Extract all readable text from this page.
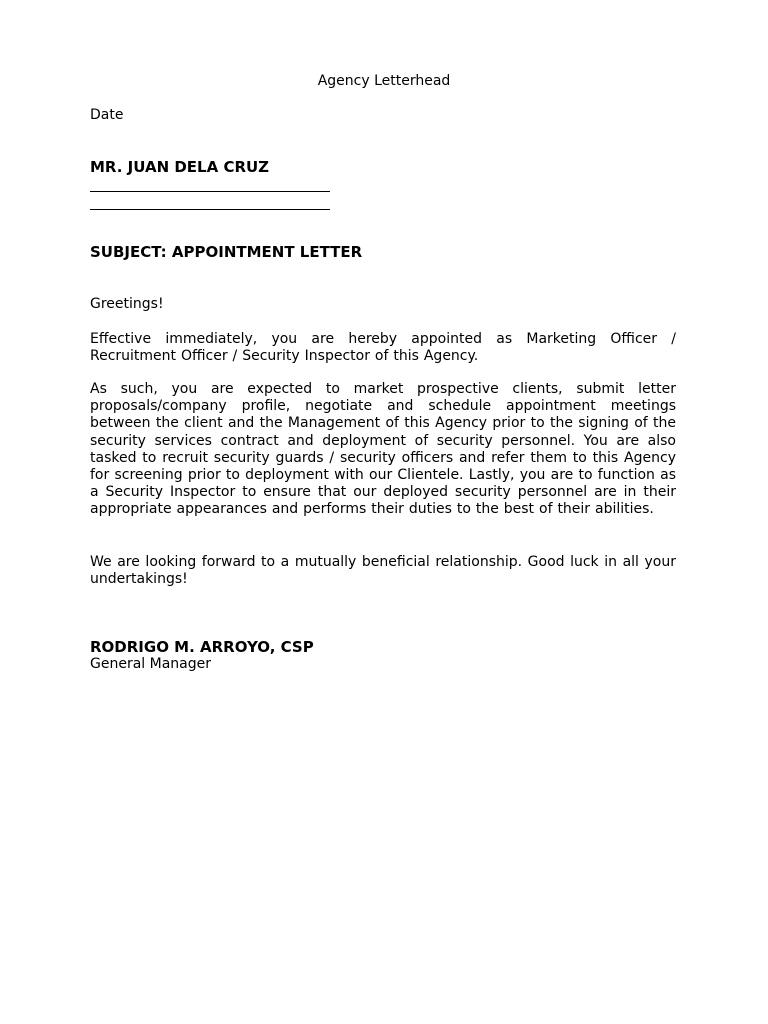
Agency Letterhead
Date
MR. JUAN DELA CRUZ
SUBJECT: APPOINTMENT LETTER
Greetings!
Effective immediately, you are hereby appointed as Marketing Officer / Recruitment Officer / Security Inspector of this Agency.
As such, you are expected to market prospective clients, submit letter proposals/company profile, negotiate and schedule appointment meetings between the client and the Management of this Agency prior to the signing of the security services contract and deployment of security personnel. You are also tasked to recruit security guards / security officers and refer them to this Agency for screening prior to deployment with our Clientele. Lastly, you are to function as a Security Inspector to ensure that our deployed security personnel are in their appropriate appearances and performs their duties to the best of their abilities.
We are looking forward to a mutually beneficial relationship. Good luck in all your undertakings!
RODRIGO M. ARROYO, CSP
General Manager
